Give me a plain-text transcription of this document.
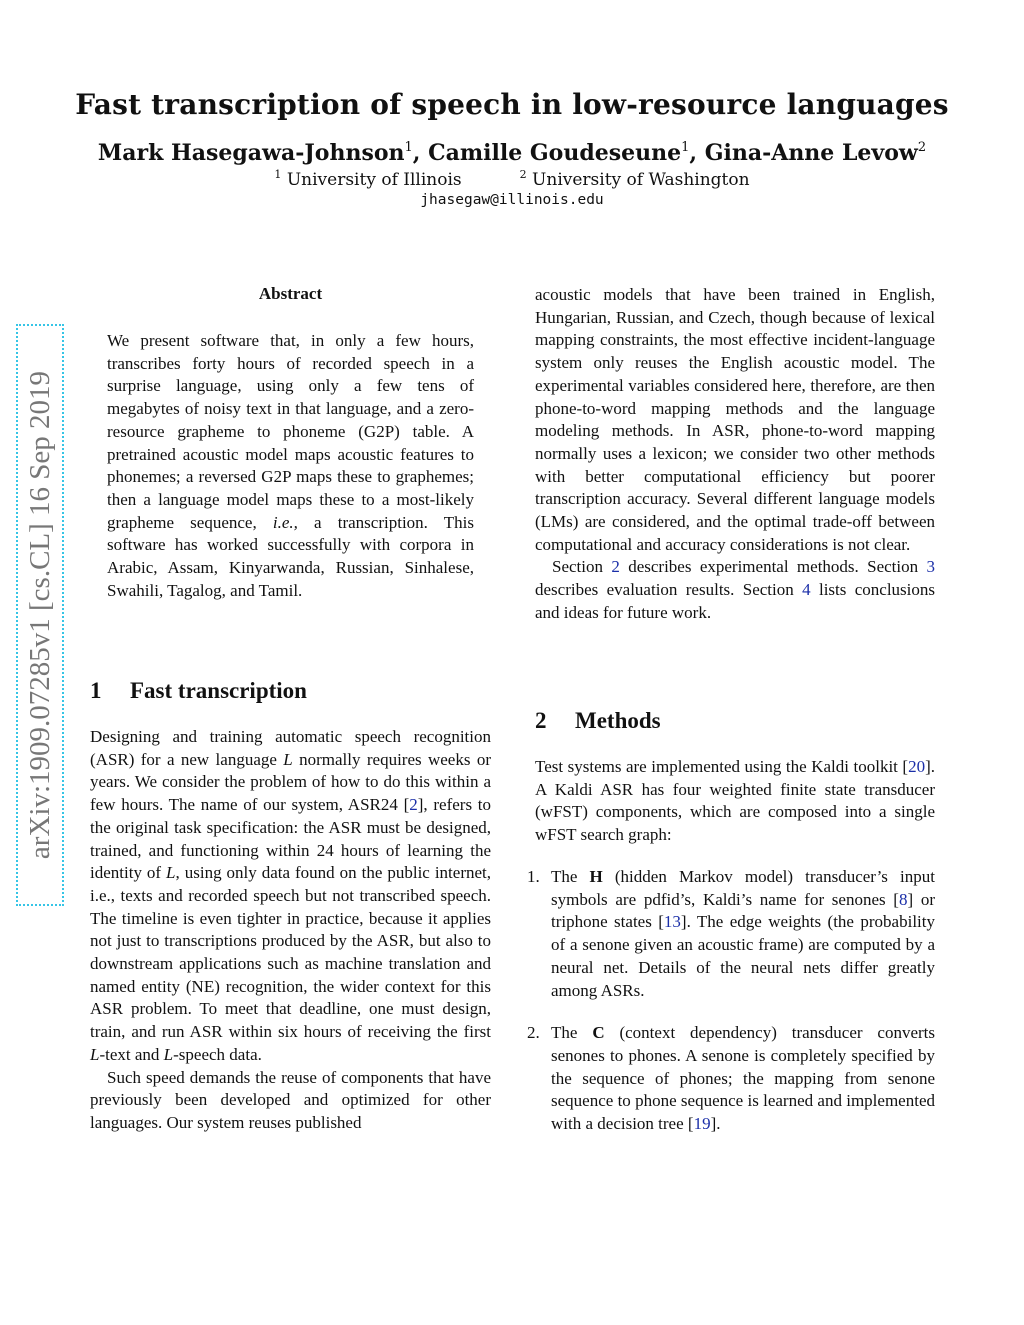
Fast transcription of speech in low-resource languages
Mark Hasegawa-Johnson$^1$, Camille Goudeseune$^1$, Gina-Anne Levow$^2$
$^1$ University of Illinois	$^2$ University of Washington
jhasegaw@illinois.edu
arXiv:1909.07285v1 [cs.CL] 16 Sep 2019
Abstract

We present software that, in only a few hours, transcribes forty hours of recorded speech in a surprise language, using only a few tens of megabytes of noisy text in that language, and a zero-resource grapheme to phoneme (G2P) table. A pretrained acoustic model maps acoustic features to phonemes; a reversed G2P maps these to graphemes; then a language model maps these to a most-likely grapheme sequence, i.e., a transcription. This software has worked successfully with corpora in Arabic, Assam, Kinyarwanda, Russian, Sinhalese, Swahili, Tagalog, and Tamil.

1 Fast transcription

Designing and training automatic speech recognition (ASR) for a new language L normally requires weeks or years. We consider the problem of how to do this within a few hours. The name of our system, ASR24 [2], refers to the original task specification: the ASR must be designed, trained, and functioning within 24 hours of learning the identity of L, using only data found on the public internet, i.e., texts and recorded speech but not transcribed speech. The timeline is even tighter in practice, because it applies not just to transcriptions produced by the ASR, but also to downstream applications such as machine translation and named entity (NE) recognition, the wider context for this ASR problem. To meet that deadline, one must design, train, and run ASR within six hours of receiving the first L-text and L-speech data.

Such speed demands the reuse of components that have previously been developed and optimized for other languages. Our system reuses published

acoustic models that have been trained in English, Hungarian, Russian, and Czech, though because of lexical mapping constraints, the most effective incident-language system only reuses the English acoustic model. The experimental variables considered here, therefore, are then phone-to-word mapping methods and the language modeling methods. In ASR, phone-to-word mapping normally uses a lexicon; we consider two other methods with better computational efficiency but poorer transcription accuracy. Several different language models (LMs) are considered, and the optimal trade-off between computational and accuracy considerations is not clear.

Section 2 describes experimental methods. Section 3 describes evaluation results. Section 4 lists conclusions and ideas for future work.

2 Methods

Test systems are implemented using the Kaldi toolkit [20]. A Kaldi ASR has four weighted finite state transducer (wFST) components, which are composed into a single wFST search graph:

1. The H (hidden Markov model) transducer’s input symbols are pdfid’s, Kaldi’s name for senones [8] or triphone states [13]. The edge weights (the probability of a senone given an acoustic frame) are computed by a neural net. Details of the neural nets differ greatly among ASRs.

2. The C (context dependency) transducer converts senones to phones. A senone is completely specified by the sequence of phones; the mapping from senone sequence to phone sequence is learned and implemented with a decision tree [19].
